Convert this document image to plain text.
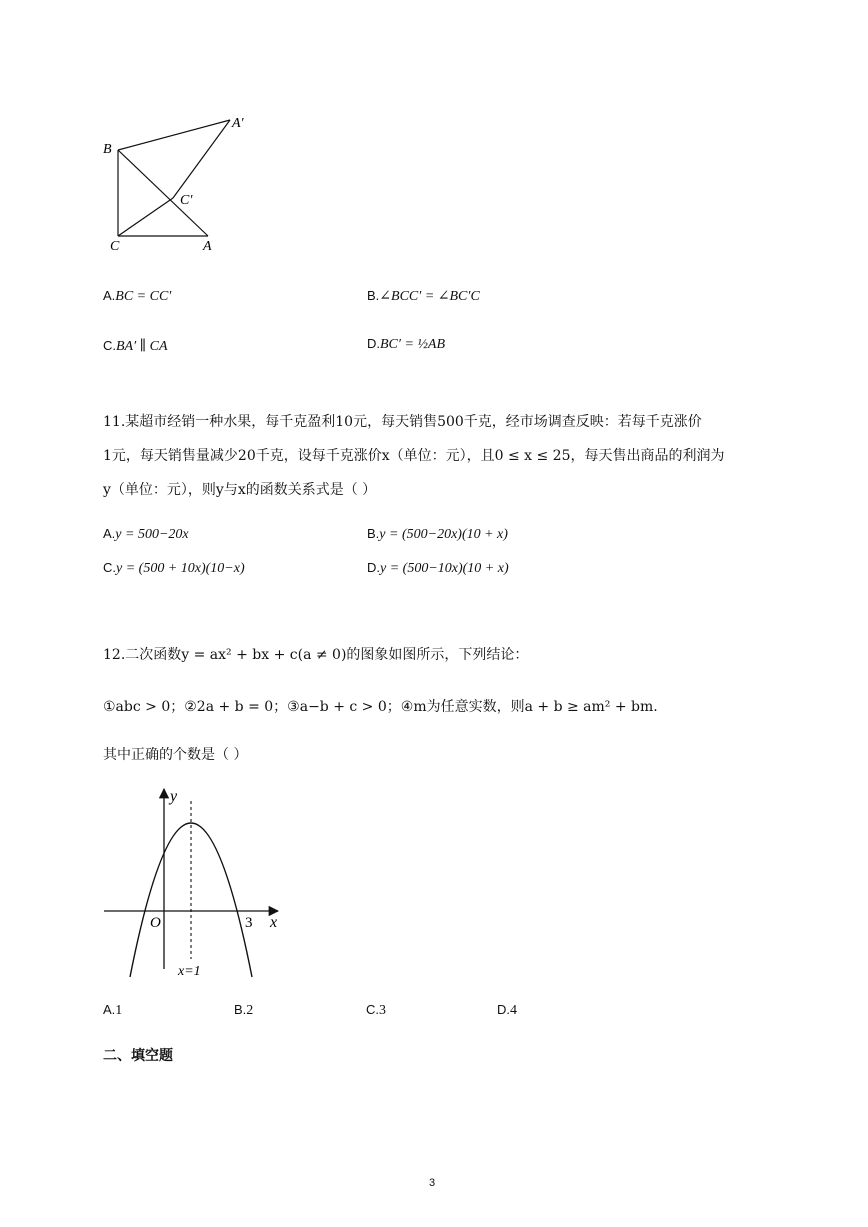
A′
B
C′
C	A
A.BC = CC′	B.∠BCC′ = ∠BC′C
C.BA′ ∥ CA	D.BC′ = ½AB
11.某超市经销一种水果，每千克盈利10元，每天销售500千克，经市场调查反映：若每千克涨价
1元，每天销售量减少20千克，设每千克涨价x（单位：元），且0 ≤ x ≤ 25，每天售出商品的利润为
y（单位：元），则y与x的函数关系式是（ ）
A.y = 500−20x	B.y = (500−20x)(10 + x)
C.y = (500 + 10x)(10−x)	D.y = (500−10x)(10 + x)
12.二次函数y = ax² + bx + c(a ≠ 0)的图象如图所示，下列结论：
①abc > 0；②2a + b = 0；③a−b + c > 0；④m为任意实数，则a + b ≥ am² + bm.
其中正确的个数是（ ）
y
x
O	3
x=1
A.1	B.2	C.3	D.4
二、填空题
3
